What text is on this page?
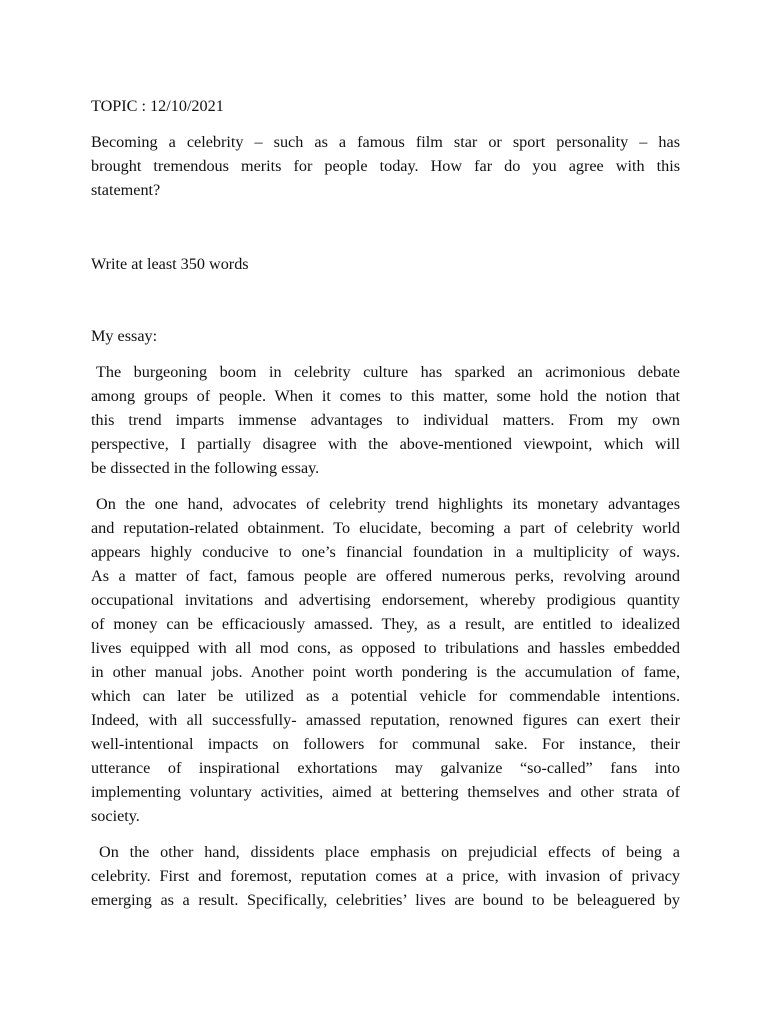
TOPIC : 12/10/2021

Becoming a celebrity – such as a famous film star or sport personality – has
brought tremendous merits for people today. How far do you agree with this
statement?

Write at least 350 words

My essay:

The burgeoning boom in celebrity culture has sparked an acrimonious debate
among groups of people. When it comes to this matter, some hold the notion that
this trend imparts immense advantages to individual matters. From my own
perspective, I partially disagree with the above-mentioned viewpoint, which will
be dissected in the following essay.
On the one hand, advocates of celebrity trend highlights its monetary advantages
and reputation-related obtainment. To elucidate, becoming a part of celebrity world
appears highly conducive to one’s financial foundation in a multiplicity of ways.
As a matter of fact, famous people are offered numerous perks, revolving around
occupational invitations and advertising endorsement, whereby prodigious quantity
of money can be efficaciously amassed. They, as a result, are entitled to idealized
lives equipped with all mod cons, as opposed to tribulations and hassles embedded
in other manual jobs. Another point worth pondering is the accumulation of fame,
which can later be utilized as a potential vehicle for commendable intentions.
Indeed, with all successfully- amassed reputation, renowned figures can exert their
well-intentional impacts on followers for communal sake. For instance, their
utterance of inspirational exhortations may galvanize “so-called” fans into
implementing voluntary activities, aimed at bettering themselves and other strata of
society.
On the other hand, dissidents place emphasis on prejudicial effects of being a
celebrity. First and foremost, reputation comes at a price, with invasion of privacy
emerging as a result. Specifically, celebrities’ lives are bound to be beleaguered by
